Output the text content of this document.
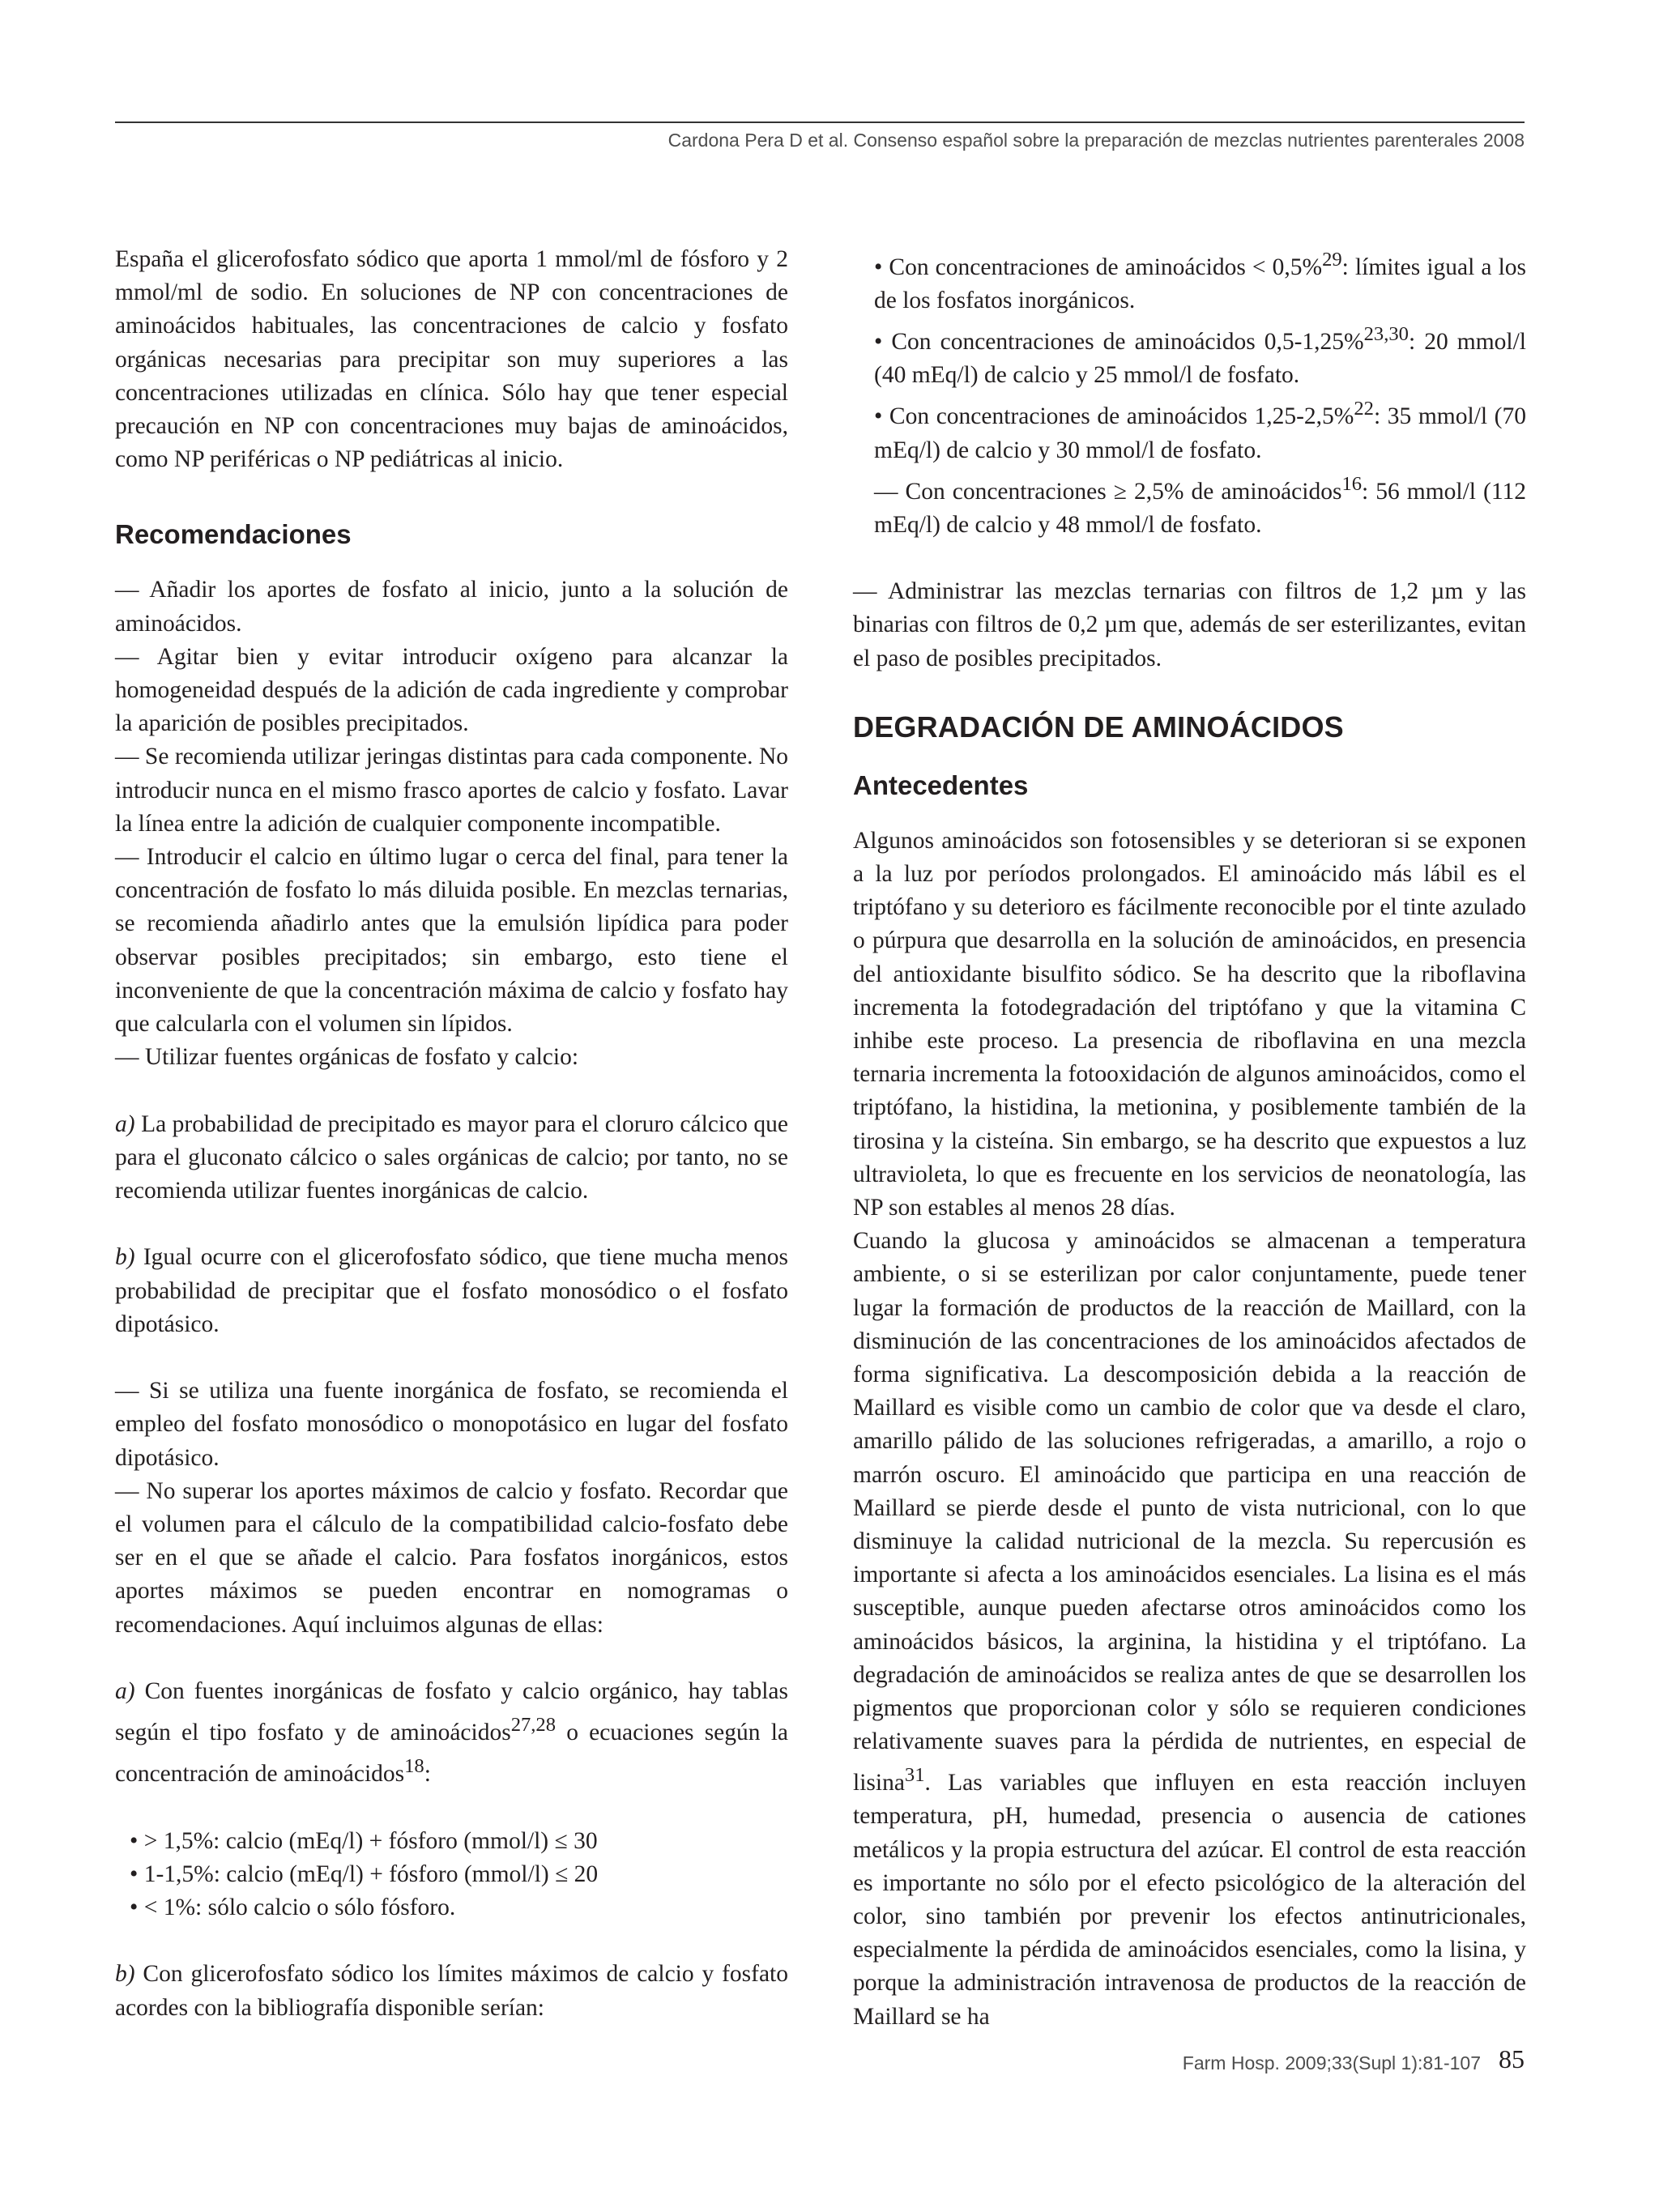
Cardona Pera D et al. Consenso español sobre la preparación de mezclas nutrientes parenterales 2008

España el glicerofosfato sódico que aporta 1 mmol/ml de fósforo y 2 mmol/ml de sodio. En soluciones de NP con concentraciones de aminoácidos habituales, las concentraciones de calcio y fosfato orgánicas necesarias para precipitar son muy superiores a las concentraciones utilizadas en clínica. Sólo hay que tener especial precaución en NP con concentraciones muy bajas de aminoácidos, como NP periféricas o NP pediátricas al inicio.

Recomendaciones

— Añadir los aportes de fosfato al inicio, junto a la solución de aminoácidos.

— Agitar bien y evitar introducir oxígeno para alcanzar la homogeneidad después de la adición de cada ingrediente y comprobar la aparición de posibles precipitados.

— Se recomienda utilizar jeringas distintas para cada componente. No introducir nunca en el mismo frasco aportes de calcio y fosfato. Lavar la línea entre la adición de cualquier componente incompatible.

— Introducir el calcio en último lugar o cerca del final, para tener la concentración de fosfato lo más diluida posible. En mezclas ternarias, se recomienda añadirlo antes que la emulsión lipídica para poder observar posibles precipitados; sin embargo, esto tiene el inconveniente de que la concentración máxima de calcio y fosfato hay que calcularla con el volumen sin lípidos.

— Utilizar fuentes orgánicas de fosfato y calcio:

a) La probabilidad de precipitado es mayor para el cloruro cálcico que para el gluconato cálcico o sales orgánicas de calcio; por tanto, no se recomienda utilizar fuentes inorgánicas de calcio.

b) Igual ocurre con el glicerofosfato sódico, que tiene mucha menos probabilidad de precipitar que el fosfato monosódico o el fosfato dipotásico.

— Si se utiliza una fuente inorgánica de fosfato, se recomienda el empleo del fosfato monosódico o monopotásico en lugar del fosfato dipotásico.

— No superar los aportes máximos de calcio y fosfato. Recordar que el volumen para el cálculo de la compatibilidad calcio-fosfato debe ser en el que se añade el calcio. Para fosfatos inorgánicos, estos aportes máximos se pueden encontrar en nomogramas o recomendaciones. Aquí incluimos algunas de ellas:

a) Con fuentes inorgánicas de fosfato y calcio orgánico, hay tablas según el tipo fosfato y de aminoácidos$^{27,28}$ o ecuaciones según la concentración de aminoácidos$^{18}$:

• > 1,5%: calcio (mEq/l) + fósforo (mmol/l) ≤ 30

• 1-1,5%: calcio (mEq/l) + fósforo (mmol/l) ≤ 20

• < 1%: sólo calcio o sólo fósforo.

b) Con glicerofosfato sódico los límites máximos de calcio y fosfato acordes con la bibliografía disponible serían:

• Con concentraciones de aminoácidos < 0,5%$^{29}$: límites igual a los de los fosfatos inorgánicos.

• Con concentraciones de aminoácidos 0,5-1,25%$^{23,30}$: 20 mmol/l (40 mEq/l) de calcio y 25 mmol/l de fosfato.

• Con concentraciones de aminoácidos 1,25-2,5%$^{22}$: 35 mmol/l (70 mEq/l) de calcio y 30 mmol/l de fosfato.

— Con concentraciones ≥ 2,5% de aminoácidos$^{16}$: 56 mmol/l (112 mEq/l) de calcio y 48 mmol/l de fosfato.

— Administrar las mezclas ternarias con filtros de 1,2 µm y las binarias con filtros de 0,2 µm que, además de ser esterilizantes, evitan el paso de posibles precipitados.

DEGRADACIÓN DE AMINOÁCIDOS
Antecedentes

Algunos aminoácidos son fotosensibles y se deterioran si se exponen a la luz por períodos prolongados. El aminoácido más lábil es el triptófano y su deterioro es fácilmente reconocible por el tinte azulado o púrpura que desarrolla en la solución de aminoácidos, en presencia del antioxidante bisulfito sódico. Se ha descrito que la riboflavina incrementa la fotodegradación del triptófano y que la vitamina C inhibe este proceso. La presencia de riboflavina en una mezcla ternaria incrementa la fotooxidación de algunos aminoácidos, como el triptófano, la histidina, la metionina, y posiblemente también de la tirosina y la cisteína. Sin embargo, se ha descrito que expuestos a luz ultravioleta, lo que es frecuente en los servicios de neonatología, las NP son estables al menos 28 días.

Cuando la glucosa y aminoácidos se almacenan a temperatura ambiente, o si se esterilizan por calor conjuntamente, puede tener lugar la formación de productos de la reacción de Maillard, con la disminución de las concentraciones de los aminoácidos afectados de forma significativa. La descomposición debida a la reacción de Maillard es visible como un cambio de color que va desde el claro, amarillo pálido de las soluciones refrigeradas, a amarillo, a rojo o marrón oscuro. El aminoácido que participa en una reacción de Maillard se pierde desde el punto de vista nutricional, con lo que disminuye la calidad nutricional de la mezcla. Su repercusión es importante si afecta a los aminoácidos esenciales. La lisina es el más susceptible, aunque pueden afectarse otros aminoácidos como los aminoácidos básicos, la arginina, la histidina y el triptófano. La degradación de aminoácidos se realiza antes de que se desarrollen los pigmentos que proporcionan color y sólo se requieren condiciones relativamente suaves para la pérdida de nutrientes, en especial de lisina$^{31}$. Las variables que influyen en esta reacción incluyen temperatura, pH, humedad, presencia o ausencia de cationes metálicos y la propia estructura del azúcar. El control de esta reacción es importante no sólo por el efecto psicológico de la alteración del color, sino también por prevenir los efectos antinutricionales, especialmente la pérdida de aminoácidos esenciales, como la lisina, y porque la administración intravenosa de productos de la reacción de Maillard se ha

Farm Hosp. 2009;33(Supl 1):81-107 85
